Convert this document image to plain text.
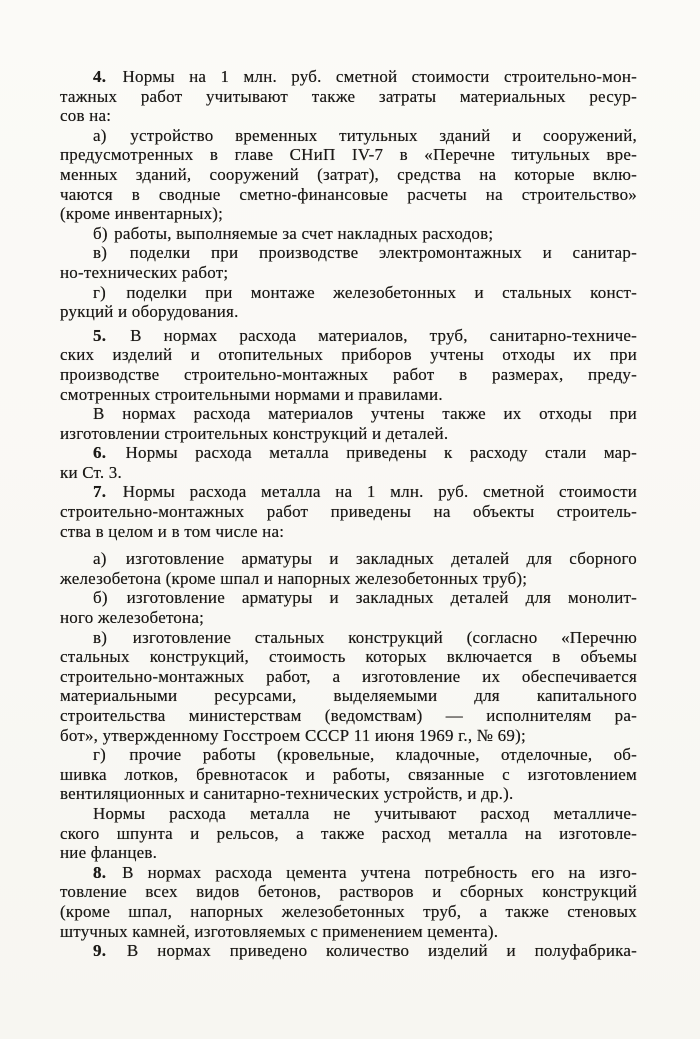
4. Нормы на 1 млн. руб. сметной стоимости строительно-мон-
тажных работ учитывают также затраты материальных ресур-
сов на:
а) устройство временных титульных зданий и сооружений,
предусмотренных в главе СНиП IV-7 в «Перечне титульных вре-
менных зданий, сооружений (затрат), средства на которые вклю-
чаются в сводные сметно-финансовые расчеты на строительство»
(кроме инвентарных);
б) работы, выполняемые за счет накладных расходов;
в) поделки при производстве электромонтажных и санитар-
но-технических работ;
г) поделки при монтаже железобетонных и стальных конст-
рукций и оборудования.
5. В нормах расхода материалов, труб, санитарно-техниче-
ских изделий и отопительных приборов учтены отходы их при
производстве строительно-монтажных работ в размерах, преду-
смотренных строительными нормами и правилами.
В нормах расхода материалов учтены также их отходы при
изготовлении строительных конструкций и деталей.
6. Нормы расхода металла приведены к расходу стали мар-
ки Ст. 3.
7. Нормы расхода металла на 1 млн. руб. сметной стоимости
строительно-монтажных работ приведены на объекты строитель-
ства в целом и в том числе на:
а) изготовление арматуры и закладных деталей для сборного
железобетона (кроме шпал и напорных железобетонных труб);
б) изготовление арматуры и закладных деталей для монолит-
ного железобетона;
в) изготовление стальных конструкций (согласно «Перечню
стальных конструкций, стоимость которых включается в объемы
строительно-монтажных работ, а изготовление их обеспечивается
материальными ресурсами, выделяемыми для капитального
строительства министерствам (ведомствам) — исполнителям ра-
бот», утвержденному Госстроем СССР 11 июня 1969 г., № 69);
г) прочие работы (кровельные, кладочные, отделочные, об-
шивка лотков, бревнотасок и работы, связанные с изготовлением
вентиляционных и санитарно-технических устройств, и др.).
Нормы расхода металла не учитывают расход металличе-
ского шпунта и рельсов, а также расход металла на изготовле-
ние фланцев.
8. В нормах расхода цемента учтена потребность его на изго-
товление всех видов бетонов, растворов и сборных конструкций
(кроме шпал, напорных железобетонных труб, а также стеновых
штучных камней, изготовляемых с применением цемента).
9. В нормах приведено количество изделий и полуфабрика-
